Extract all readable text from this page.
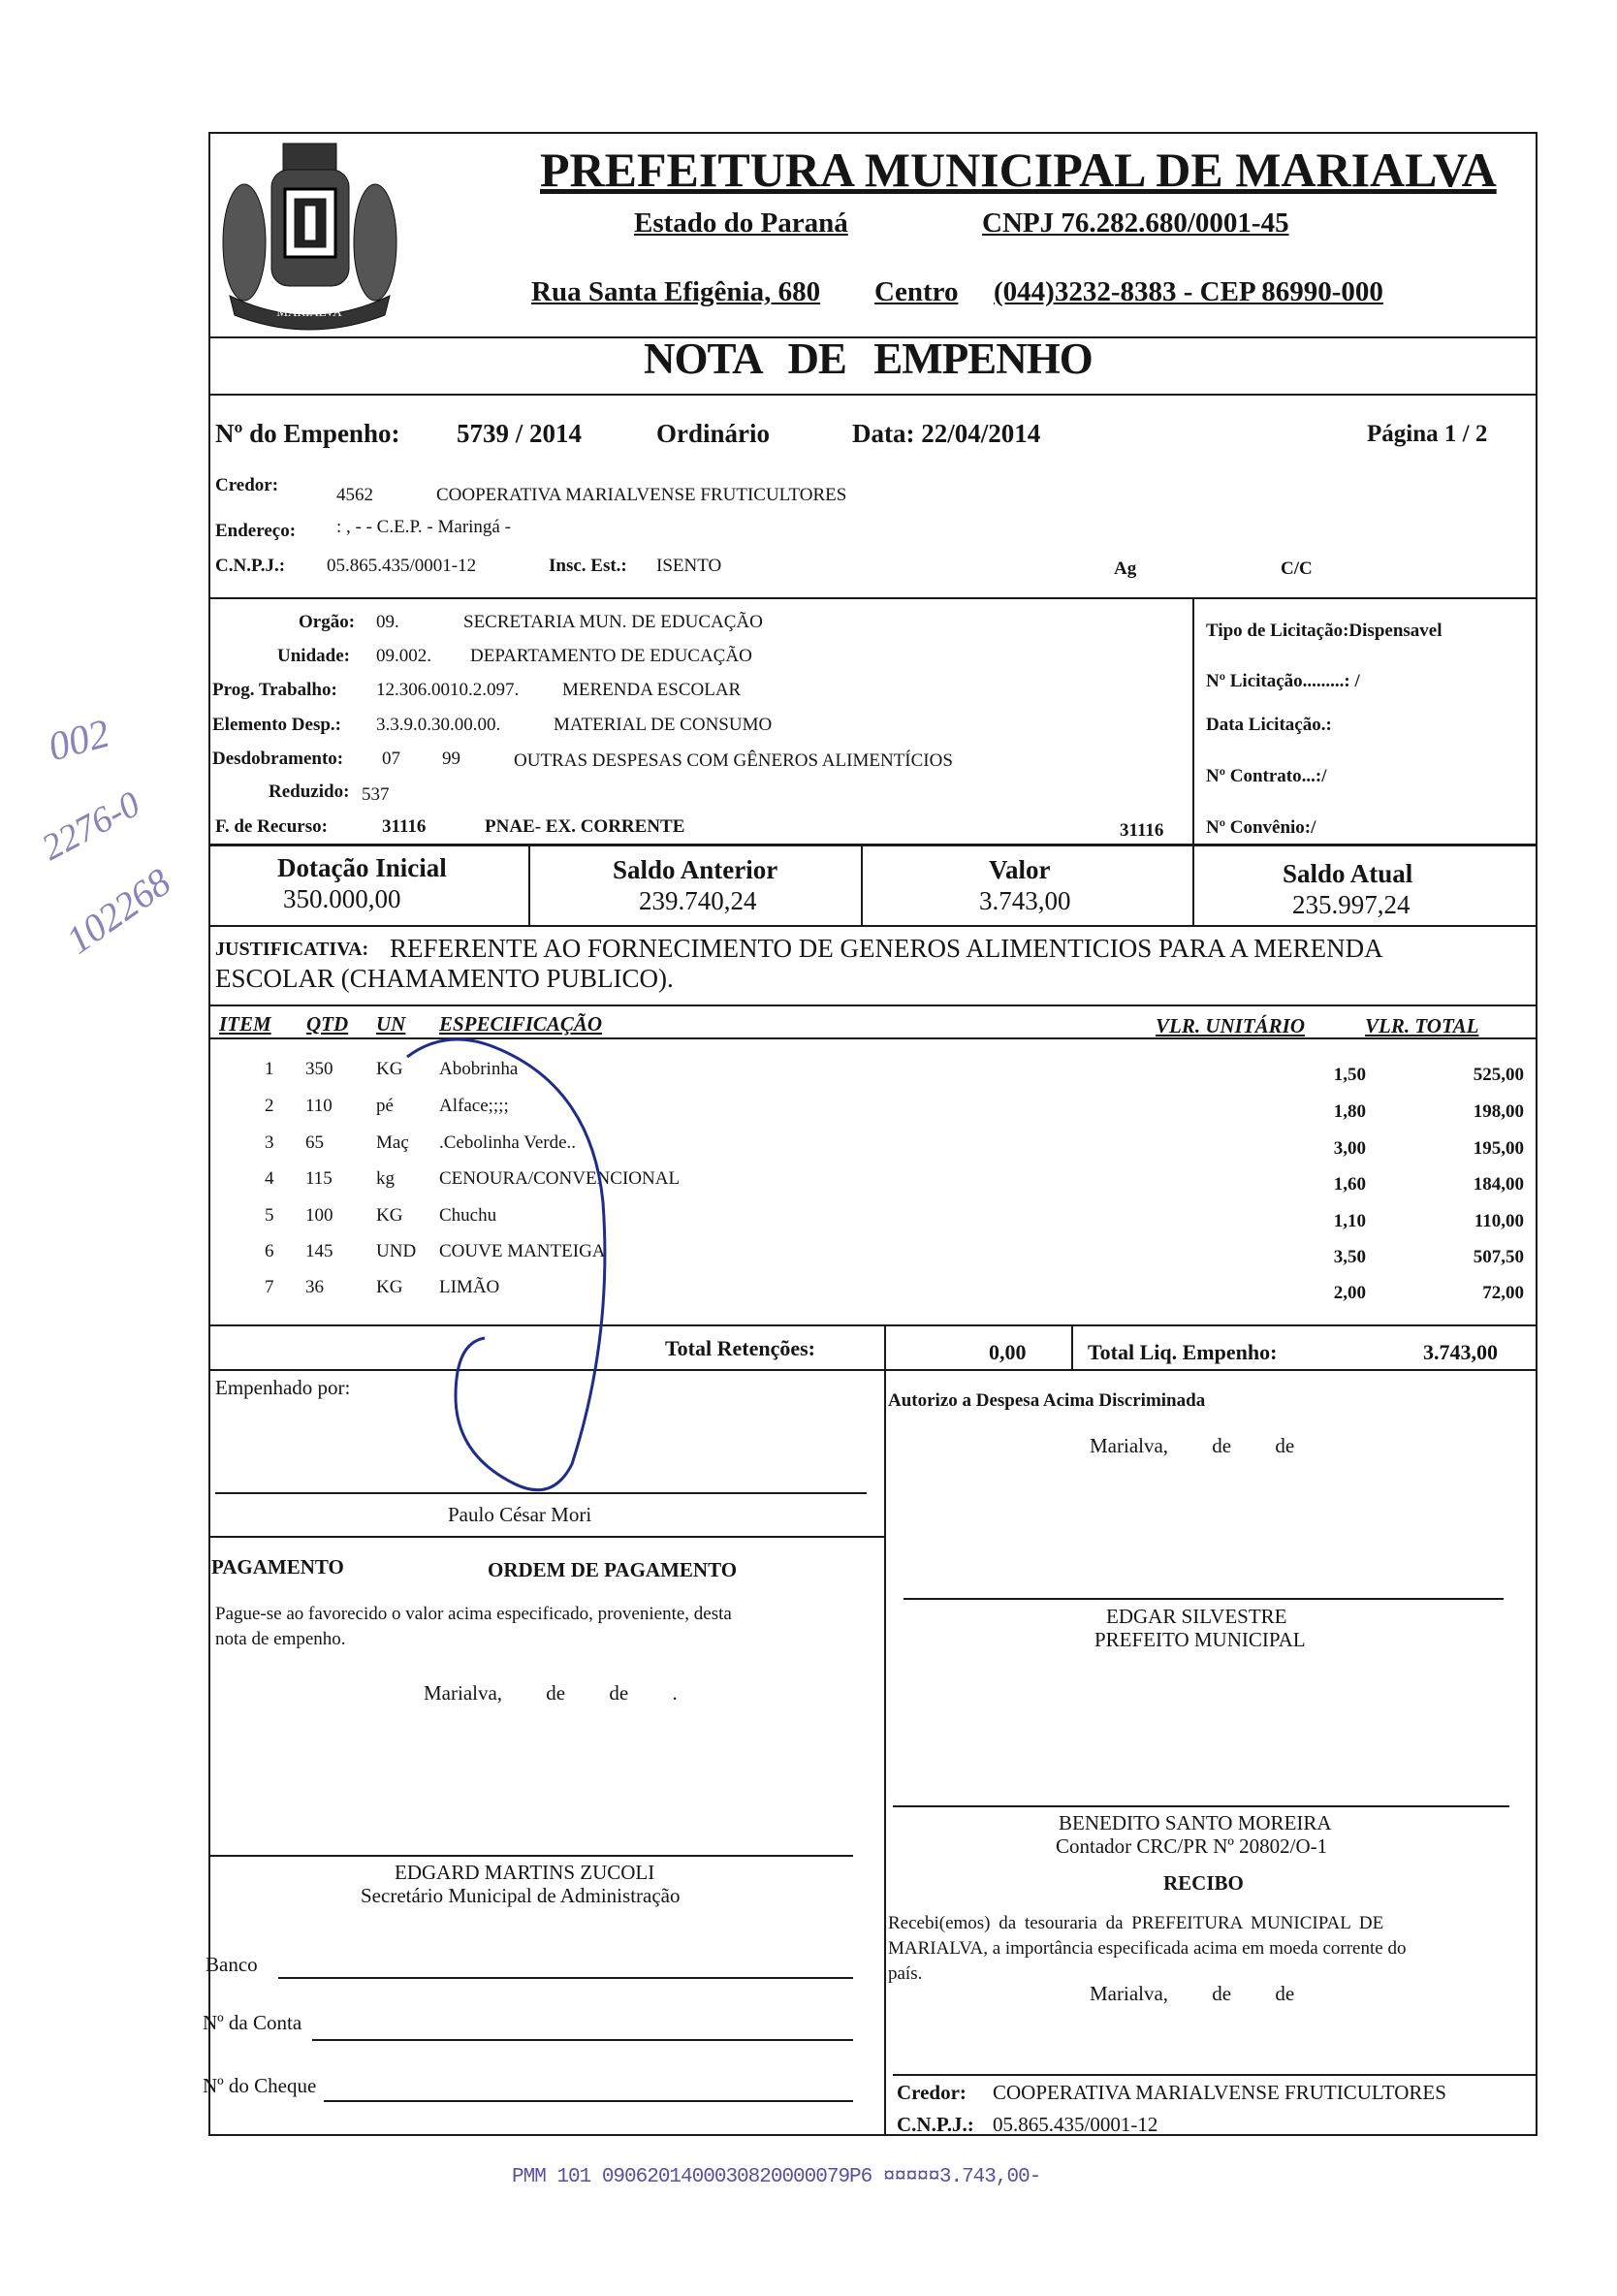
MARIALVA
PREFEITURA MUNICIPAL DE MARIALVA
Estado do Paraná	CNPJ 76.282.680/0001-45
Rua Santa Efigênia, 680 Centro (044)3232-8383 - CEP 86990-000
NOTA DE EMPENHO
Nº do Empenho: 5739 / 2014	Ordinário	Data: 22/04/2014	Página 1 / 2
Credor:	4562	COOPERATIVA MARIALVENSE FRUTICULTORES
Endereço: : , - - C.E.P. - Maringá -
C.N.P.J.: 05.865.435/0001-12	Insc. Est.: ISENTO	Ag	C/C
Orgão: 09.	SECRETARIA MUN. DE EDUCAÇÃO
Unidade: 09.002. DEPARTAMENTO DE EDUCAÇÃO
Prog. Trabalho: 12.306.0010.2.097. MERENDA ESCOLAR
Elemento Desp.: 3.3.9.0.30.00.00.	MATERIAL DE CONSUMO
Desdobramento: 07 99	OUTRAS DESPESAS COM GÊNEROS ALIMENTÍCIOS
Reduzido: 537
F. de Recurso:	31116	PNAE- EX. CORRENTE	31116
Tipo de Licitação:Dispensavel
Nº Licitação.........: /
Data Licitação.:
Nº Contrato...:/
Nº Convênio:/
Dotação Inicial
350.000,00
Saldo Anterior
239.740,24
Valor
3.743,00
Saldo Atual
235.997,24
JUSTIFICATIVA: REFERENTE AO FORNECIMENTO DE GENEROS ALIMENTICIOS PARA A MERENDA
ESCOLAR (CHAMAMENTO PUBLICO).
ITEM QTD UN ESPECIFICAÇÃO	VLR. UNITÁRIO	VLR. TOTAL
1 350 KG Abobrinha	1,50	525,00
2 110 pé Alface;;;;	1,80	198,00
3 65	Maç .Cebolinha Verde..	3,00	195,00
4 115 kg CENOURA/CONVENCIONAL	1,60	184,00
5 100 KG Chuchu	1,10	110,00
6 145 UND COUVE MANTEIGA	3,50	507,50
7 36	KG LIMÃO	2,00	72,00
Total Retenções:	0,00	Total Liq. Empenho:	3.743,00
Empenhado por:
Paulo César Mori
Autorizo a Despesa Acima Discriminada
Marialva, de de
PAGAMENTO	ORDEM DE PAGAMENTO
Pague-se ao favorecido o valor acima especificado, proveniente, desta
nota de empenho.
Marialva, de de .
EDGAR SILVESTRE
PREFEITO MUNICIPAL
BENEDITO SANTO MOREIRA
Contador CRC/PR Nº 20802/O-1
RECIBO
Recebi(emos) da tesouraria da PREFEITURA MUNICIPAL DE
MARIALVA, a importância especificada acima em moeda corrente do
país.
Marialva, de de
EDGARD MARTINS ZUCOLI
Secretário Municipal de Administração
Banco
Nº da Conta
Nº do Cheque	Credor: COOPERATIVA MARIALVENSE FRUTICULTORES
C.N.P.J.: 05.865.435/0001-12
PMM 101 0906201400030820000079P6 ¤¤¤¤¤3.743,00-
002
2276-0
102268
